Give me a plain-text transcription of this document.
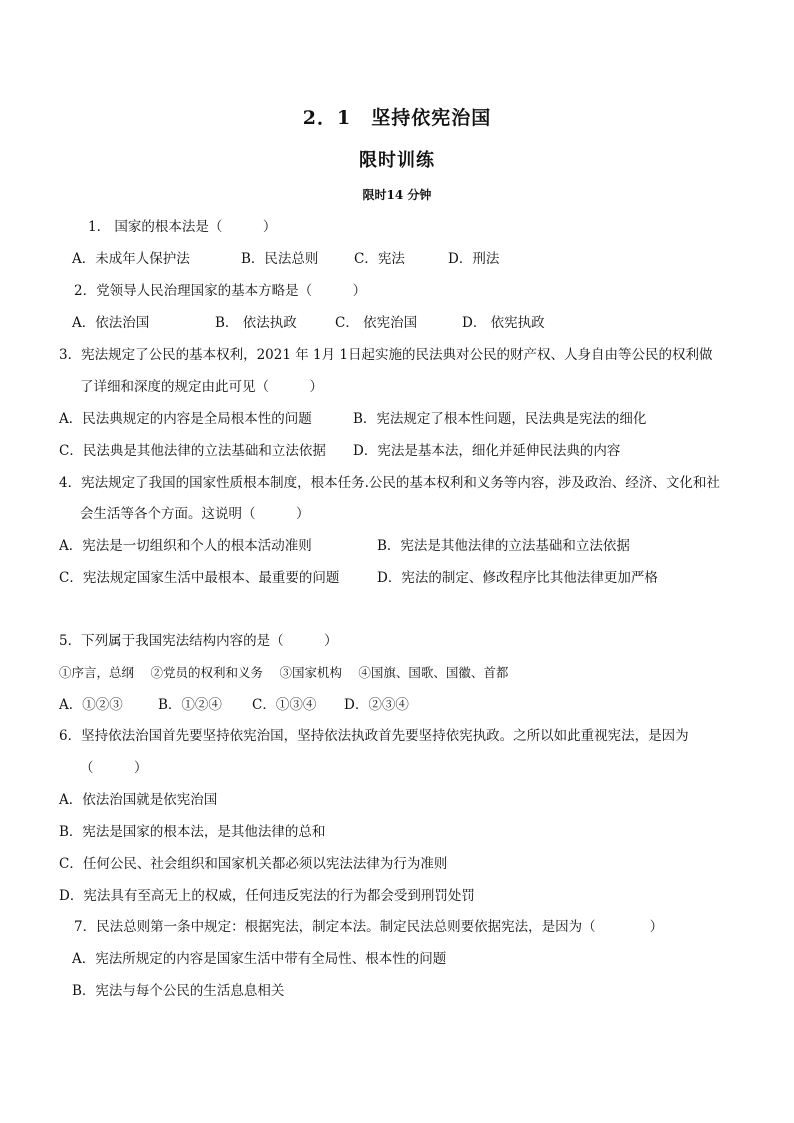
2．1　坚持依宪治国
限时训练
限时14 分钟
1． 国家的根本法是（　　　）
A．未成年人保护法	B．民法总则	C．宪法	D．刑法
2．党领导人民治理国家的基本方略是（　　　）
A．依法治国	B． 依法执政	C． 依宪治国	D． 依宪执政
3．宪法规定了公民的基本权利，2021 年 1月 1日起实施的民法典对公民的财产权、人身自由等公民的权利做
了详细和深度的规定由此可见（　　　）
A．民法典规定的内容是全局根本性的问题	B．宪法规定了根本性问题，民法典是宪法的细化
C．民法典是其他法律的立法基础和立法依据 D．宪法是基本法，细化并延伸民法典的内容
4．宪法规定了我国的国家性质根本制度，根本任务.公民的基本权利和义务等内容，涉及政治、经济、文化和社
会生活等各个方面。这说明（　　　）
A．宪法是一切组织和个人的根本活动准则	B．宪法是其他法律的立法基础和立法依据
C．宪法规定国家生活中最根本、最重要的问题	D．宪法的制定、修改程序比其他法律更加严格
5．下列属于我国宪法结构内容的是（　　　）
①序言，总纲　 ②党员的权利和义务　 ③国家机构　 ④国旗、国歌、国徽、首都
A．①②③	B．①②④ C．①③④ D．②③④
6．坚持依法治国首先要坚持依宪治国，坚持依法执政首先要坚持依宪执政。之所以如此重视宪法，是因为
（　　　）
A．依法治国就是依宪治国
B．宪法是国家的根本法，是其他法律的总和
C．任何公民、社会组织和国家机关都必须以宪法法律为行为准则
D．宪法具有至高无上的权威，任何违反宪法的行为都会受到刑罚处罚
7．民法总则第一条中规定：根据宪法，制定本法。制定民法总则要依据宪法，是因为（　　　　）
A．宪法所规定的内容是国家生活中带有全局性、根本性的问题
B．宪法与每个公民的生活息息相关
